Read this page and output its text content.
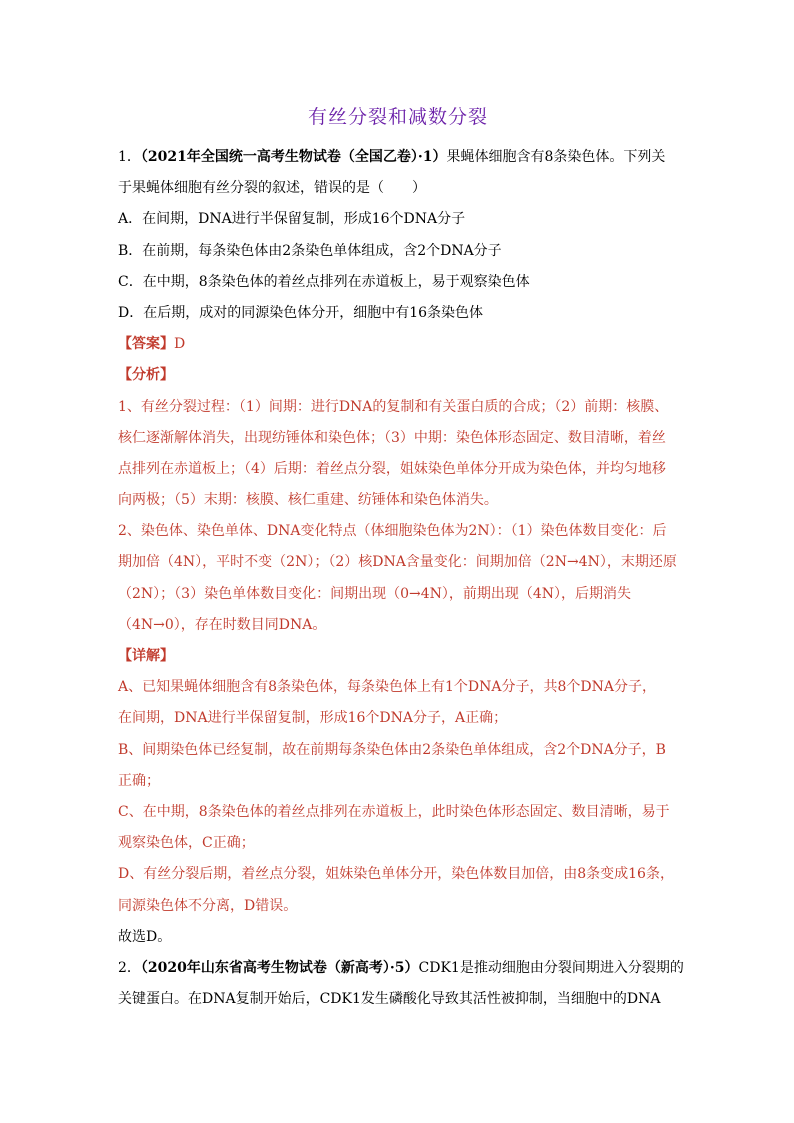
有丝分裂和减数分裂
1．（2021年全国统一高考生物试卷（全国乙卷）·1）果蝇体细胞含有8条染色体。下列关
于果蝇体细胞有丝分裂的叙述，错误的是（　　）
A．在间期，DNA进行半保留复制，形成16个DNA分子
B．在前期，每条染色体由2条染色单体组成，含2个DNA分子
C．在中期，8条染色体的着丝点排列在赤道板上，易于观察染色体
D．在后期，成对的同源染色体分开，细胞中有16条染色体
【答案】D
【分析】
1、有丝分裂过程：（1）间期：进行DNA的复制和有关蛋白质的合成；（2）前期：核膜、
核仁逐渐解体消失，出现纺锤体和染色体；（3）中期：染色体形态固定、数目清晰，着丝
点排列在赤道板上；（4）后期：着丝点分裂，姐妹染色单体分开成为染色体，并均匀地移
向两极；（5）末期：核膜、核仁重建、纺锤体和染色体消失。
2、染色体、染色单体、DNA变化特点（体细胞染色体为2N）：（1）染色体数目变化：后
期加倍（4N），平时不变（2N）；（2）核DNA含量变化：间期加倍（2N→4N），末期还原
（2N）；（3）染色单体数目变化：间期出现（0→4N），前期出现（4N），后期消失
（4N→0），存在时数目同DNA。
【详解】
A、已知果蝇体细胞含有8条染色体，每条染色体上有1个DNA分子，共8个DNA分子，
在间期，DNA进行半保留复制，形成16个DNA分子，A正确；
B、间期染色体已经复制，故在前期每条染色体由2条染色单体组成，含2个DNA分子，B
正确；
C、在中期，8条染色体的着丝点排列在赤道板上，此时染色体形态固定、数目清晰，易于
观察染色体，C正确；
D、有丝分裂后期，着丝点分裂，姐妹染色单体分开，染色体数目加倍，由8条变成16条，
同源染色体不分离，D错误。
故选D。
2．（2020年山东省高考生物试卷（新高考）·5）CDK1是推动细胞由分裂间期进入分裂期的
关键蛋白。在DNA复制开始后，CDK1发生磷酸化导致其活性被抑制，当细胞中的DNA
